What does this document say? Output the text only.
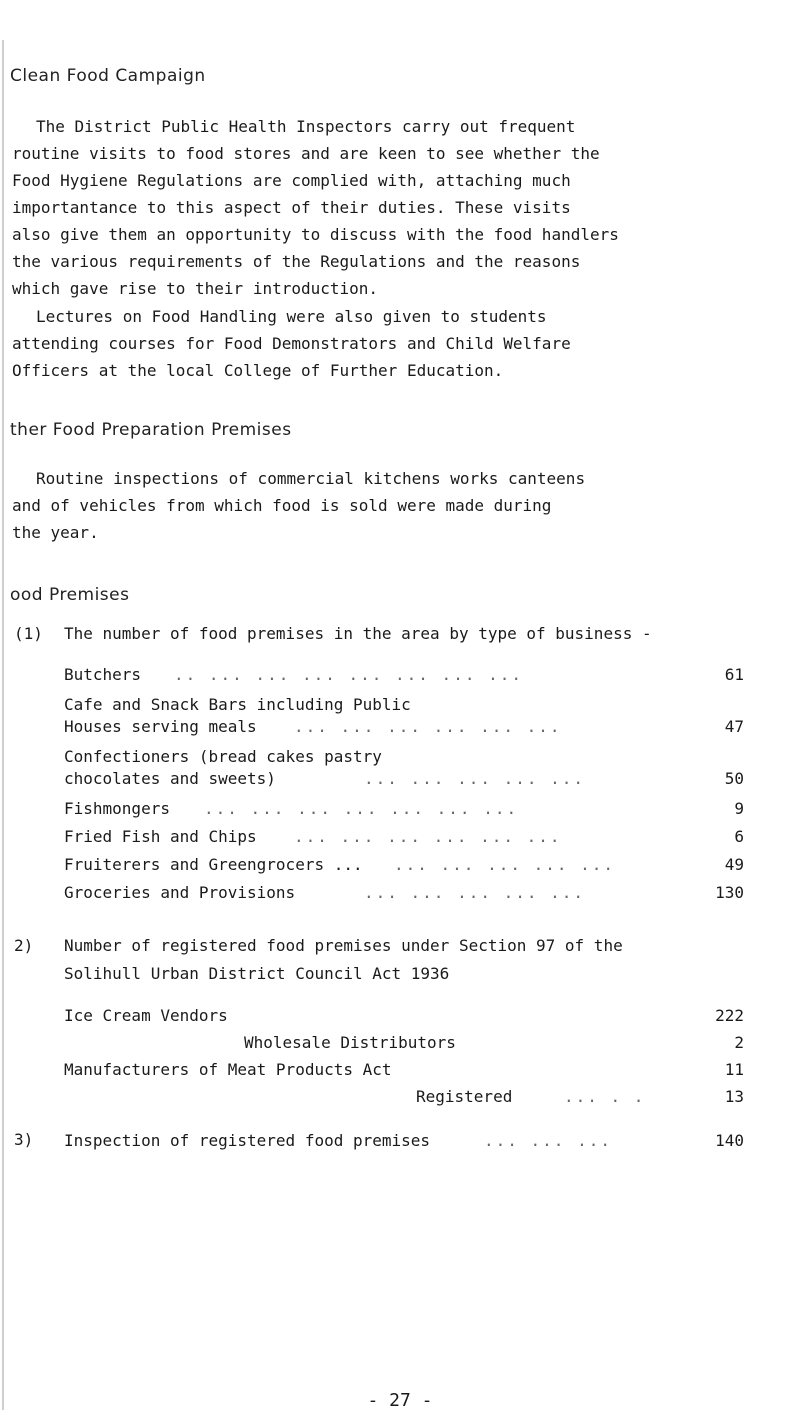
Clean Food Campaign
The District Public Health Inspectors carry out frequent
routine visits to food stores and are keen to see whether the
Food Hygiene Regulations are complied with, attaching much
importantance to this aspect of their duties. These visits
also give them an opportunity to discuss with the food handlers
the various requirements of the Regulations and the reasons
which gave rise to their introduction.
Lectures on Food Handling were also given to students
attending courses for Food Demonstrators and Child Welfare
Officers at the local College of Further Education.
ther Food Preparation Premises
Routine inspections of commercial kitchens works canteens
and of vehicles from which food is sold were made during
the year.
ood Premises
(1) The number of food premises in the area by type of business -
Butchers .. ... ... ... ... ... ... ...	61
Cafe and Snack Bars including Public
Houses serving meals ... ... ... ... ... ...	47
Confectioners (bread cakes pastry
chocolates and sweets)	... ... ... ... ...	50
Fishmongers ... ... ... ... ... ... ...	9
Fried Fish and Chips ... ... ... ... ... ...	6
Fruiterers and Greengrocers ... ... ... ... ... ...	49
Groceries and Provisions	... ... ... ... ...	130
2) Number of registered food premises under Section 97 of the
Solihull Urban District Council Act 1936
Ice Cream Vendors	222
Wholesale Distributors	2
Manufacturers of Meat Products Act	11
Registered	... . .	13
3) Inspection of registered food premises	... ... ...	140
- 27 -
